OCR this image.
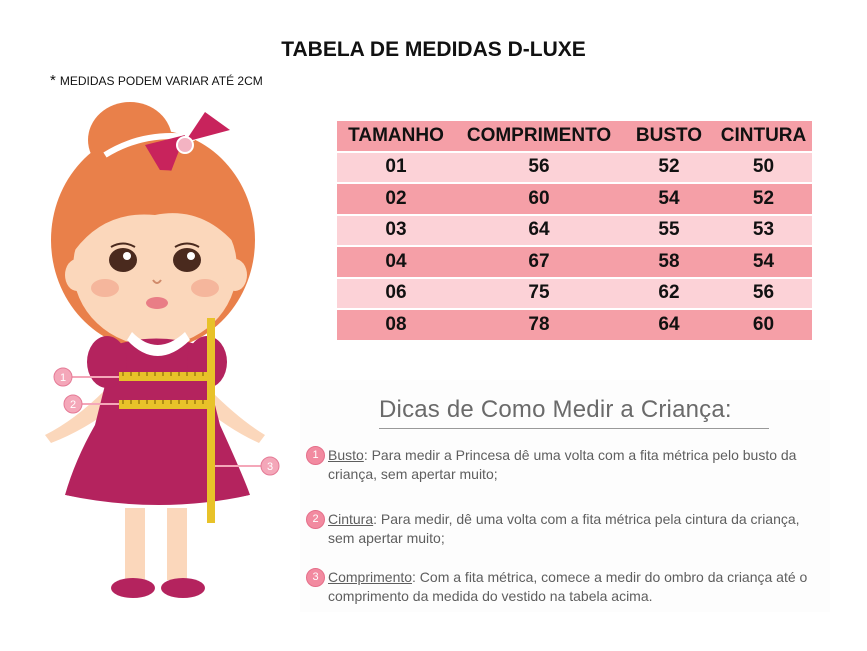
TABELA DE MEDIDAS D-LUXE
* MEDIDAS PODEM VARIAR ATÉ 2CM
1
2
3
TAMANHO	COMPRIMENTO	BUSTO	CINTURA
01	56	52	50
02	60	54	52
03	64	55	53
04	67	58	54
06	75	62	56
08	78	64	60
Dicas de Como Medir a Criança:
1 Busto: Para medir a Princesa dê uma volta com a fita métrica pelo busto da criança, sem apertar muito;
2 Cintura: Para medir, dê uma volta com a fita métrica pela cintura da criança, sem apertar muito;
3 Comprimento: Com a fita métrica, comece a medir do ombro da criança até o comprimento da medida do vestido na tabela acima.
